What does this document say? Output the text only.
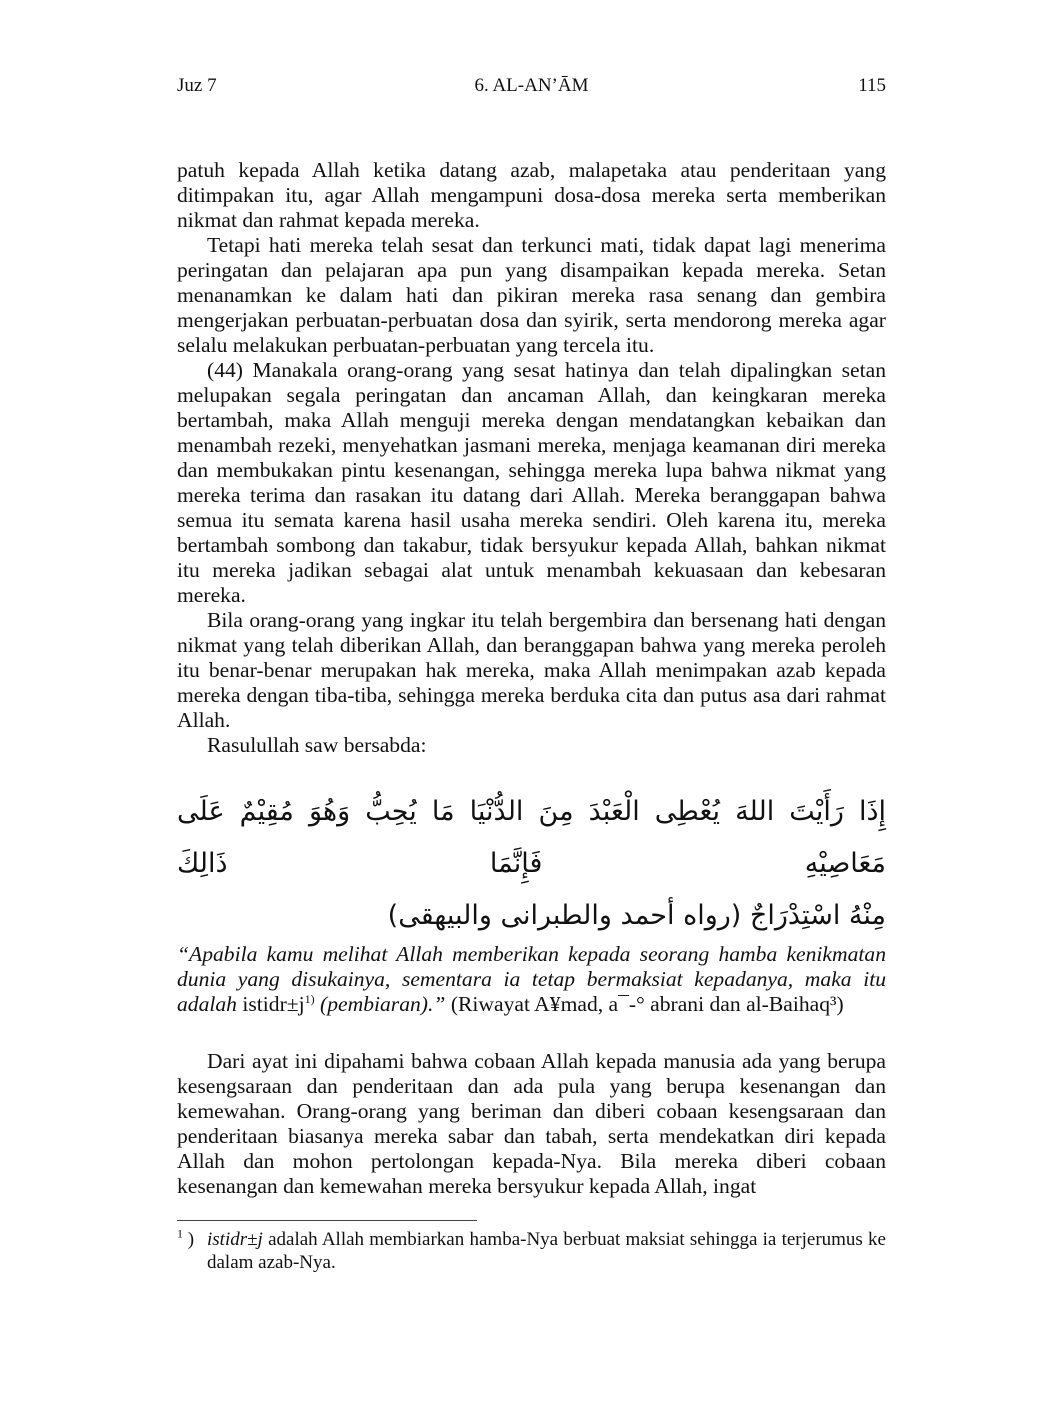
Juz 7	6. AL-AN’ĀM	115

patuh kepada Allah ketika datang azab, malapetaka atau penderitaan yang ditimpakan itu, agar Allah mengampuni dosa-dosa mereka serta memberikan nikmat dan rahmat kepada mereka.

Tetapi hati mereka telah sesat dan terkunci mati, tidak dapat lagi menerima peringatan dan pelajaran apa pun yang disampaikan kepada mereka. Setan menanamkan ke dalam hati dan pikiran mereka rasa senang dan gembira mengerjakan perbuatan-perbuatan dosa dan syirik, serta mendorong mereka agar selalu melakukan perbuatan-perbuatan yang tercela itu.

(44) Manakala orang-orang yang sesat hatinya dan telah dipalingkan setan melupakan segala peringatan dan ancaman Allah, dan keingkaran mereka bertambah, maka Allah menguji mereka dengan mendatangkan kebaikan dan menambah rezeki, menyehatkan jasmani mereka, menjaga keamanan diri mereka dan membukakan pintu kesenangan, sehingga mereka lupa bahwa nikmat yang mereka terima dan rasakan itu datang dari Allah. Mereka beranggapan bahwa semua itu semata karena hasil usaha mereka sendiri. Oleh karena itu, mereka bertambah sombong dan takabur, tidak bersyukur kepada Allah, bahkan nikmat itu mereka jadikan sebagai alat untuk menambah kekuasaan dan kebesaran mereka.

Bila orang-orang yang ingkar itu telah bergembira dan bersenang hati dengan nikmat yang telah diberikan Allah, dan beranggapan bahwa yang mereka peroleh itu benar-benar merupakan hak mereka, maka Allah menimpakan azab kepada mereka dengan tiba-tiba, sehingga mereka berduka cita dan putus asa dari rahmat Allah.

Rasulullah saw bersabda:

إِذَا رَأَيْتَ اللهَ يُعْطِى الْعَبْدَ مِنَ الدُّنْيَا مَا يُحِبُّ وَهُوَ مُقِيْمٌ عَلَى مَعَاصِيْهِ فَإِنَّمَا ذَالِكَ
مِنْهُ اسْتِدْرَاجٌ (رواه أحمد والطبرانى والبيهقى)

“Apabila kamu melihat Allah memberikan kepada seorang hamba kenikmatan dunia yang disukainya, sementara ia tetap bermaksiat kepadanya, maka itu adalah $istidr\pm j^{1)}$ (pembiaran).” (Riwayat A¥mad, a¯-° abrani dan al-Baihaq³)

Dari ayat ini dipahami bahwa cobaan Allah kepada manusia ada yang berupa kesengsaraan dan penderitaan dan ada pula yang berupa kesenangan dan kemewahan. Orang-orang yang beriman dan diberi cobaan kesengsaraan dan penderitaan biasanya mereka sabar dan tabah, serta mendekatkan diri kepada Allah dan mohon pertolongan kepada-Nya. Bila mereka diberi cobaan kesenangan dan kemewahan mereka bersyukur kepada Allah, ingat

$^1$ ) istidr±j adalah Allah membiarkan hamba-Nya berbuat maksiat sehingga ia terjerumus ke dalam azab-Nya.
